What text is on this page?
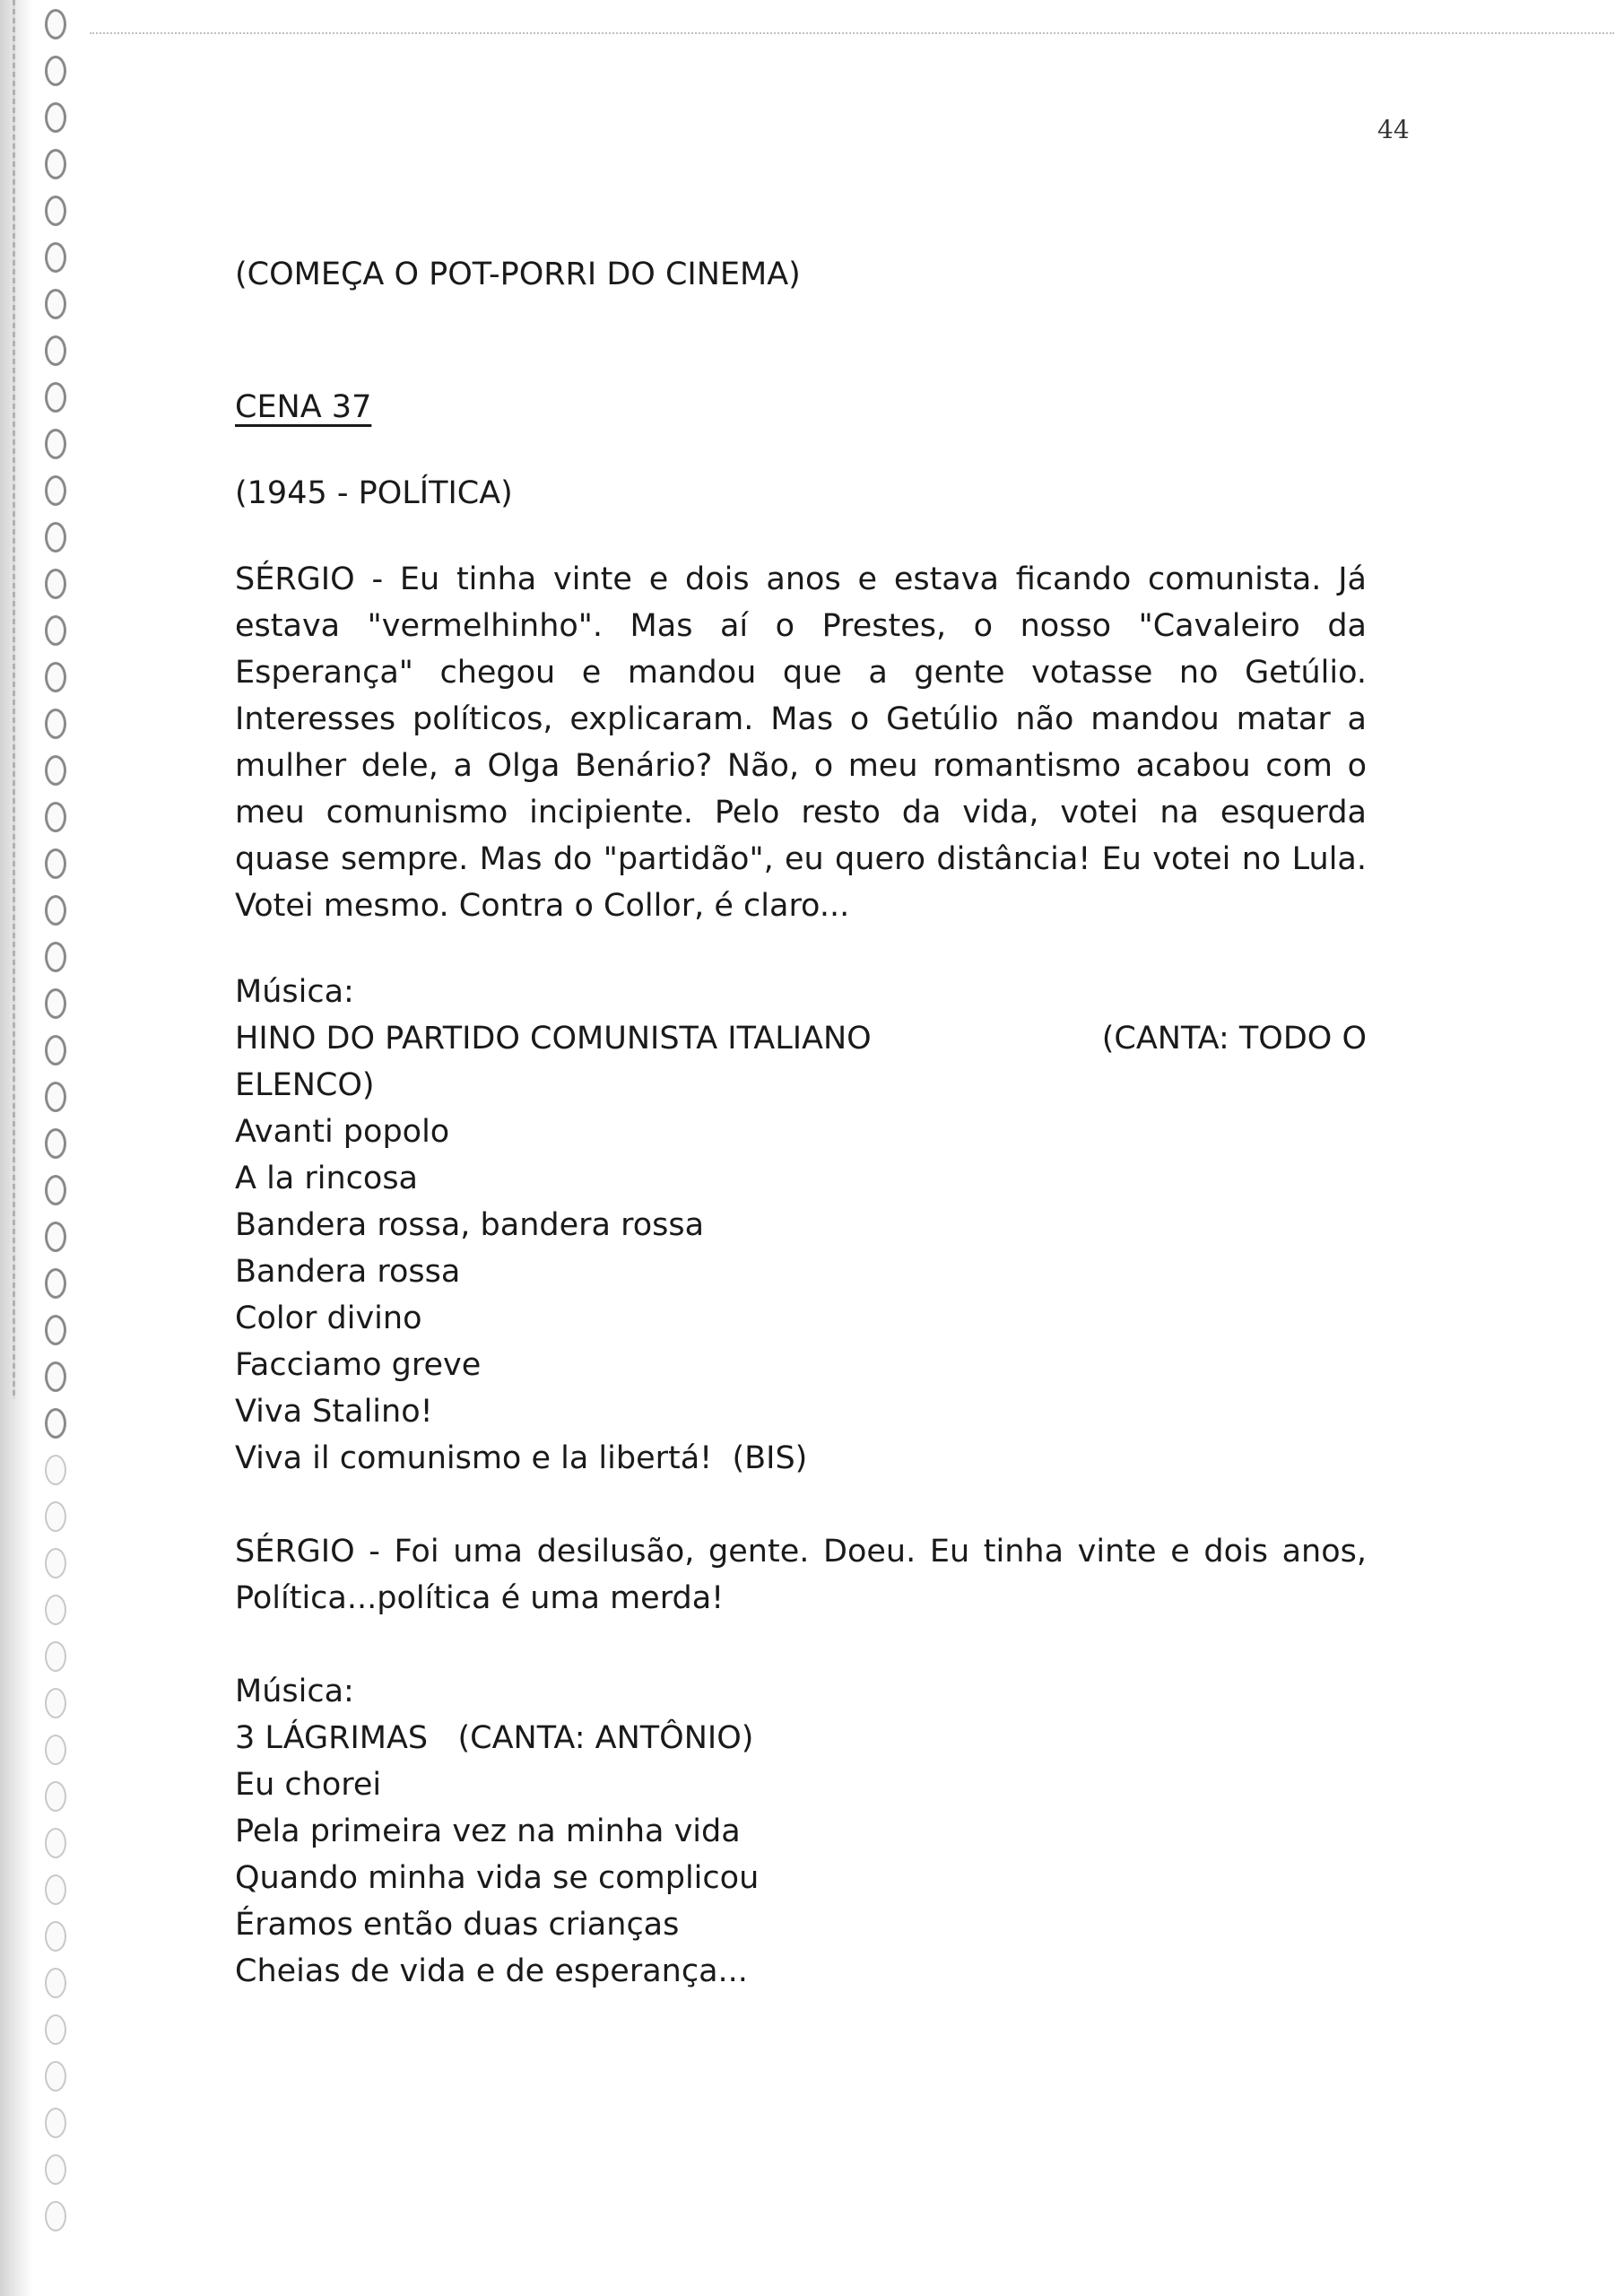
44
(COMEÇA O POT-PORRI DO CINEMA)
CENA 37
(1945 - POLÍTICA)

SÉRGIO - Eu tinha vinte e dois anos e estava ficando comunista. Já estava "vermelhinho". Mas aí o Prestes, o nosso "Cavaleiro da Esperança" chegou e mandou que a gente votasse no Getúlio. Interesses políticos, explicaram. Mas o Getúlio não mandou matar a mulher dele, a Olga Benário? Não, o meu romantismo acabou com o meu comunismo incipiente. Pelo resto da vida, votei na esquerda quase sempre. Mas do "partidão", eu quero distância! Eu votei no Lula. Votei mesmo. Contra o Collor, é claro...

Música:
HINO DO PARTIDO COMUNISTA ITALIANO	(CANTA: TODO O
ELENCO)
Avanti popolo
A la rincosa
Bandera rossa, bandera rossa
Bandera rossa
Color divino
Facciamo greve
Viva Stalino!
Viva il comunismo e la libertá!  (BIS)

SÉRGIO - Foi uma desilusão, gente. Doeu. Eu tinha vinte e dois anos, Política...política é uma merda!

Música:
3 LÁGRIMAS   (CANTA: ANTÔNIO)
Eu chorei
Pela primeira vez na minha vida
Quando minha vida se complicou
Éramos então duas crianças
Cheias de vida e de esperança...
